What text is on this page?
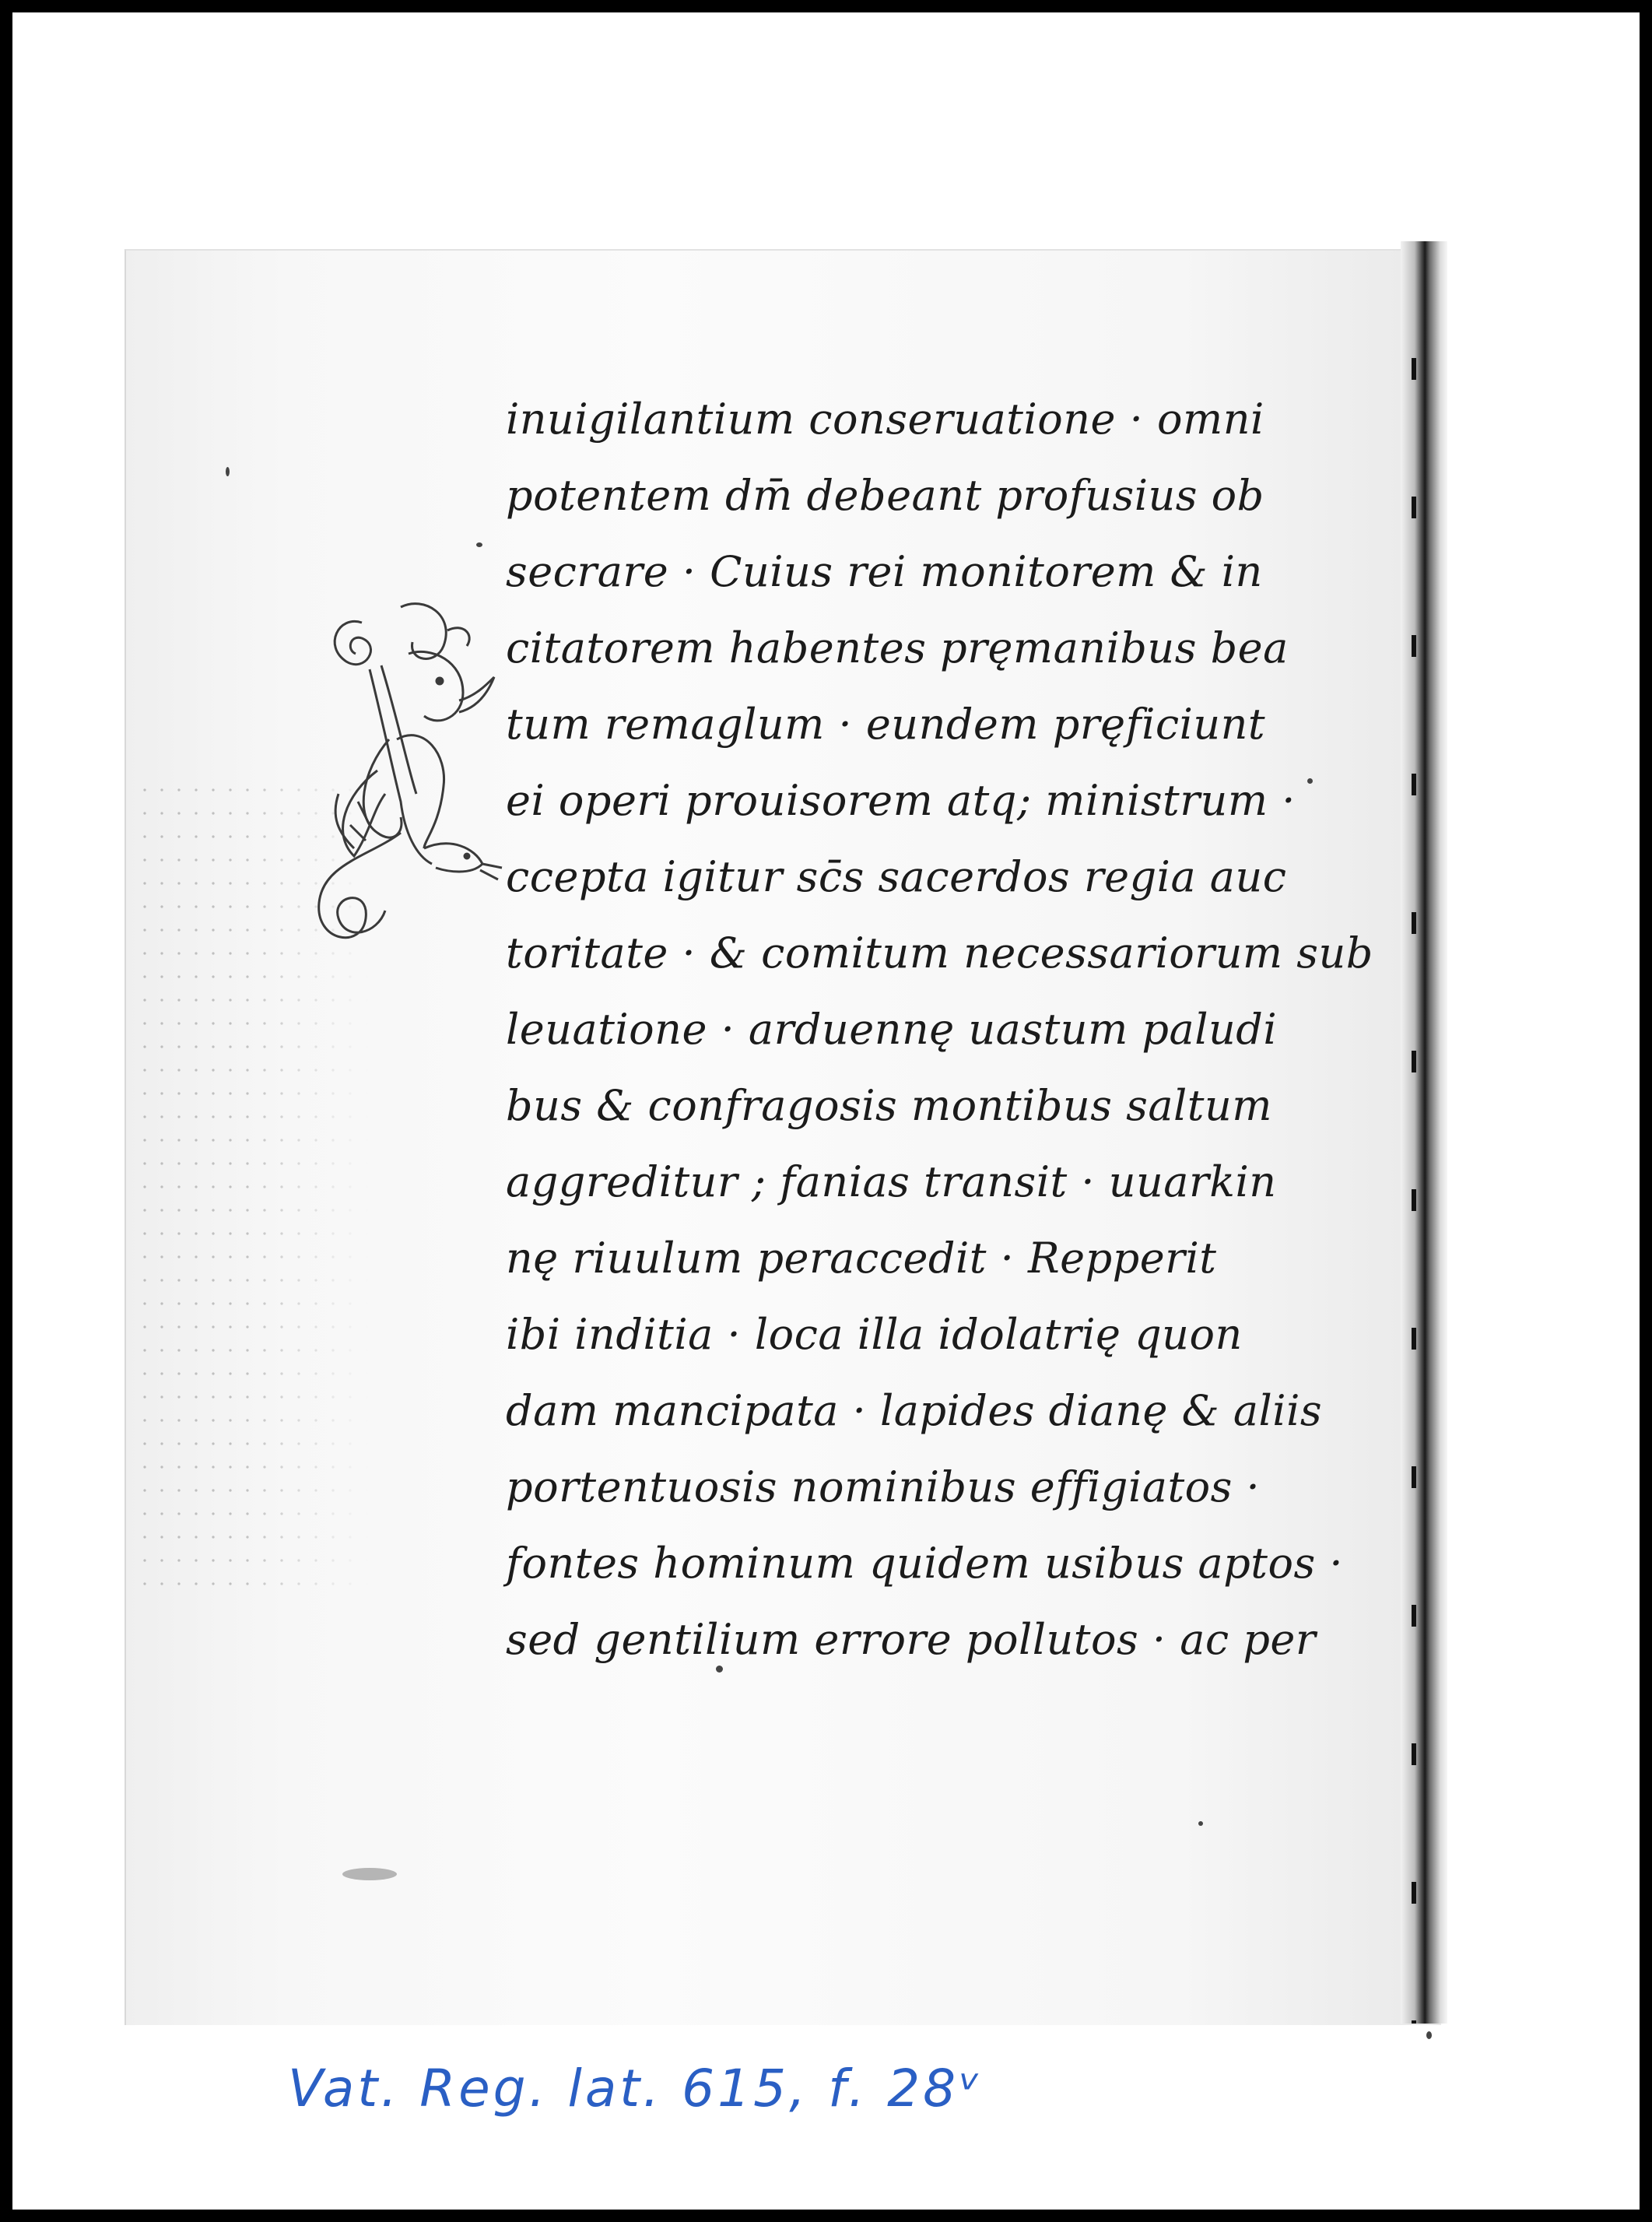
inuigilantium conseruatione · omni
potentem dm̄ debeant profusius ob
secrare · Cuius rei monitorem & in
citatorem habentes pręmanibus bea
tum remaglum · eundem pręficiunt
ei operi prouisorem atq; ministrum ·
ccepta igitur sc̄s sacerdos regia auc
toritate · & comitum necessariorum sub
leuatione · arduennę uastum paludi
bus & confragosis montibus saltum
aggreditur ; fanias transit · uuarkin
nę riuulum peraccedit · Repperit
ibi inditia · loca illa idolatrię quon
dam mancipata · lapides dianę & aliis
portentuosis nominibus effigiatos ·
fontes hominum quidem usibus aptos ·
sed gentilium errore pollutos · ac per
Vat. Reg. lat. 615, f. 28ᵛ
